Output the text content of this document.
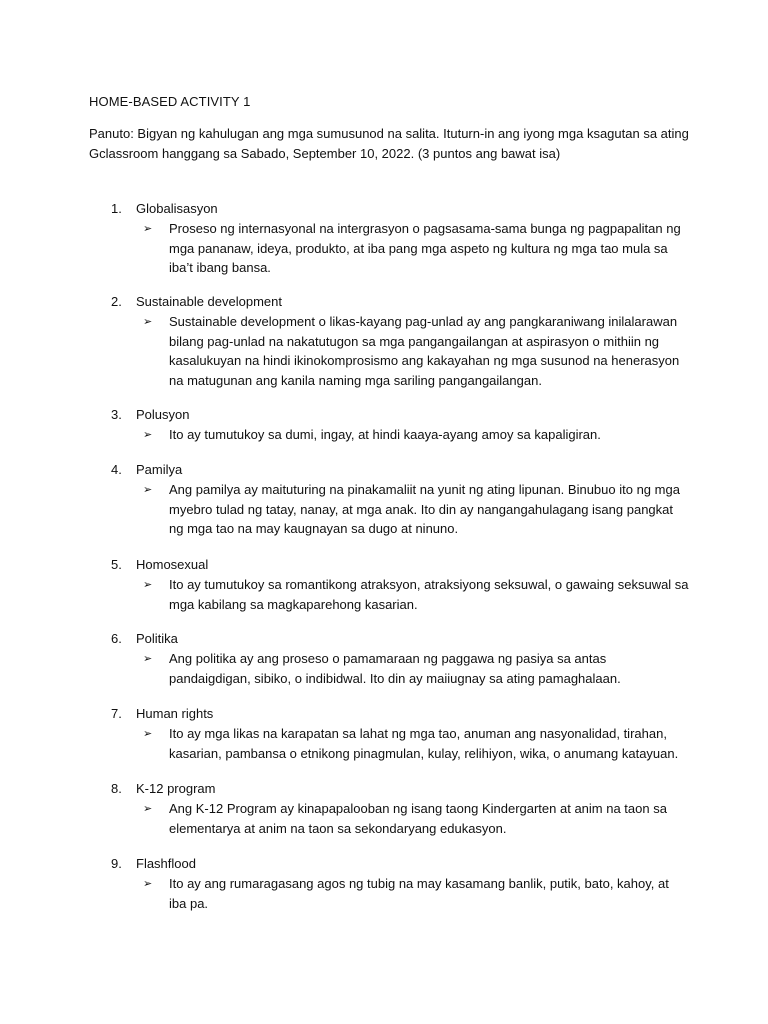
HOME-BASED ACTIVITY 1
Panuto: Bigyan ng kahulugan ang mga sumusunod na salita. Ituturn-in ang iyong mga ksagutan sa ating Gclassroom hanggang sa Sabado, September 10, 2022. (3 puntos ang bawat isa)
1.	Globalisasyon
➢ Proseso ng internasyonal na intergrasyon o pagsasama-sama bunga ng pagpapalitan ng mga pananaw, ideya, produkto, at iba pang mga aspeto ng kultura ng mga tao mula sa iba’t ibang bansa.
2.	Sustainable development
➢ Sustainable development o likas-kayang pag-unlad ay ang pangkaraniwang inilalarawan bilang pag-unlad na nakatutugon sa mga pangangailangan at aspirasyon o mithiin ng kasalukuyan na hindi ikinokomprosismo ang kakayahan ng mga susunod na henerasyon na matugunan ang kanila naming mga sariling pangangailangan.
3.	Polusyon
➢ Ito ay tumutukoy sa dumi, ingay, at hindi kaaya-ayang amoy sa kapaligiran.
4.	Pamilya
➢ Ang pamilya ay maituturing na pinakamaliit na yunit ng ating lipunan. Binubuo ito ng mga myebro tulad ng tatay, nanay, at mga anak. Ito din ay nangangahulagang isang pangkat ng mga tao na may kaugnayan sa dugo at ninuno.
5.	Homosexual
➢ Ito ay tumutukoy sa romantikong atraksyon, atraksiyong seksuwal, o gawaing seksuwal sa mga kabilang sa magkaparehong kasarian.
6.	Politika
➢ Ang politika ay ang proseso o pamamaraan ng paggawa ng pasiya sa antas pandaigdigan, sibiko, o indibidwal. Ito din ay maiiugnay sa ating pamaghalaan.
7.	Human rights
➢ Ito ay mga likas na karapatan sa lahat ng mga tao, anuman ang nasyonalidad, tirahan, kasarian, pambansa o etnikong pinagmulan, kulay, relihiyon, wika, o anumang katayuan.
8.	K-12 program
➢ Ang K-12 Program ay kinapapalooban ng isang taong Kindergarten at anim na taon sa elementarya at anim na taon sa sekondaryang edukasyon.
9.	Flashflood
➢ Ito ay ang rumaragasang agos ng tubig na may kasamang banlik, putik, bato, kahoy, at iba pa.
